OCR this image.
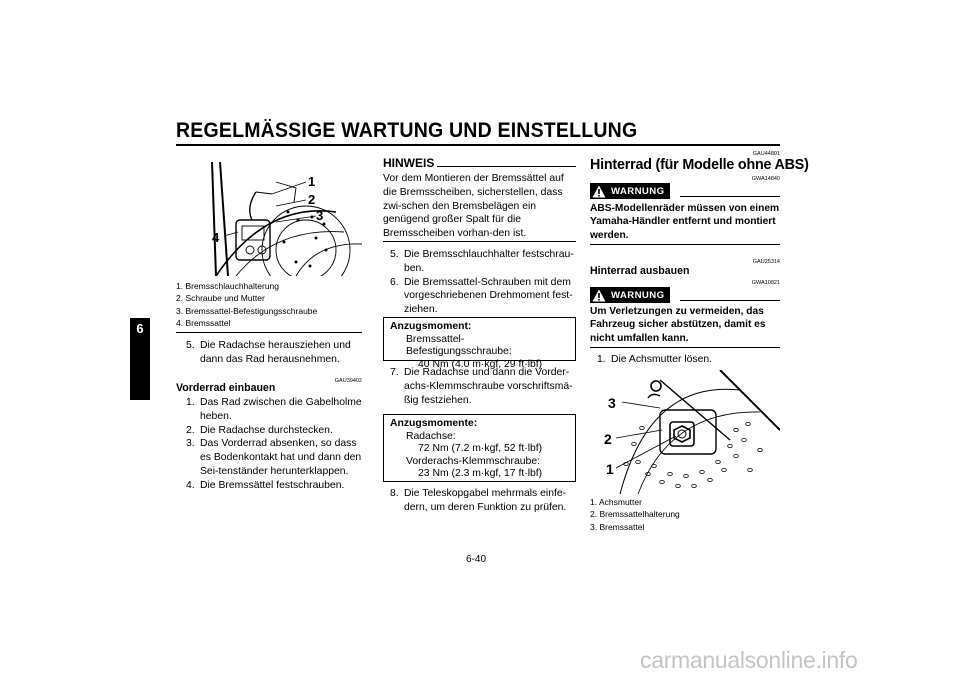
REGELMÄSSIGE WARTUNG UND EINSTELLUNG
6
1
2
3
4
1. Bremsschlauchhalterung
2. Schraube und Mutter
3. Bremssattel-Befestigungsschraube
4. Bremssattel
5. Die Radachse herausziehen und dann das Rad herausnehmen.
GAU39402
Vorderrad einbauen
1. Das Rad zwischen die Gabelholme heben.
2. Die Radachse durchstecken.
3. Das Vorderrad absenken, so dass es Bodenkontakt hat und dann den Sei-tenständer herunterklappen.
4. Die Bremssättel festschrauben.
HINWEIS
Vor dem Montieren der Bremssättel auf die Bremsscheiben, sicherstellen, dass zwi-schen den Bremsbelägen ein genügend großer Spalt für die Bremsscheiben vorhan-den ist.
5. Die Bremsschlauchhalter festschrau-ben.
6. Die Bremssattel-Schrauben mit dem vorgeschriebenen Drehmoment fest-ziehen.
Anzugsmoment:
Bremssattel-Befestigungsschraube:
40 Nm (4.0 m·kgf, 29 ft·lbf)
7. Die Radachse und dann die Vorder-achs-Klemmschraube vorschriftsmä-ßig festziehen.
Anzugsmomente:
Radachse:
72 Nm (7.2 m·kgf, 52 ft·lbf)
Vorderachs-Klemmschraube:
23 Nm (2.3 m·kgf, 17 ft·lbf)
8. Die Teleskopgabel mehrmals einfe-dern, um deren Funktion zu prüfen.
GAU44801
Hinterrad (für Modelle ohne ABS)
GWA14840
WARNUNG
ABS-Modellenräder müssen von einem Yamaha-Händler entfernt und montiert werden.
GAU25314
Hinterrad ausbauen
GWA10821
WARNUNG
Um Verletzungen zu vermeiden, das Fahrzeug sicher abstützen, damit es nicht umfallen kann.
1. Die Achsmutter lösen.
3
2
1
1. Achsmutter
2. Bremssattelhalterung
3. Bremssattel
6-40
carmanualsonline.info
